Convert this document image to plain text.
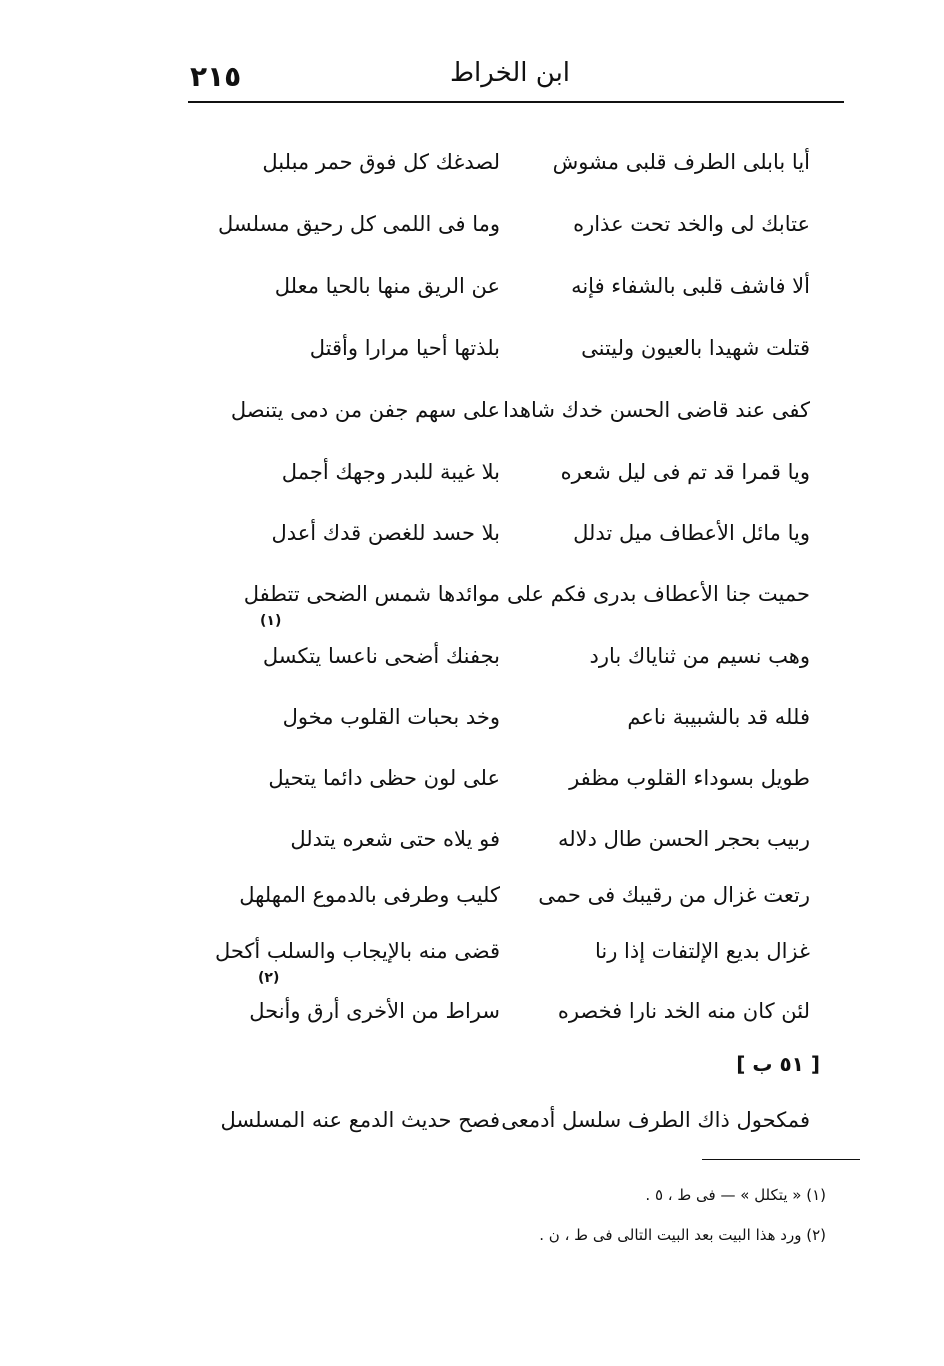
ابن الخراط
٢١٥
أيا بابلى الطرف قلبى مشوش
لصدغك كل فوق حمر مبلبل
عتابك لى والخد تحت عذاره
وما فى اللمى كل رحيق مسلسل
ألا فاشف قلبى بالشفاء فإنه
عن الريق منها بالحيا معلل
قتلت شهيدا بالعيون وليتنى
بلذتها أحيا مرارا وأقتل
كفى عند قاضى الحسن خدك شاهدا
على سهم جفن من دمى يتنصل
ويا قمرا قد تم فى ليل شعره
بلا غيبة للبدر وجهك أجمل
ويا مائل الأعطاف ميل تدلل
بلا حسد للغصن قدك أعدل
حميت جنا الأعطاف بدرى فكم على
موائدها شمس الضحى تتطفل
(١)
وهب نسيم من ثناياك بارد
بجفنك أضحى ناعسا يتكسل
فلله قد بالشبيبة ناعم
وخد بحبات القلوب مخول
طويل بسوداء القلوب مظفر
على لون حظى دائما يتحيل
ربيب بحجر الحسن طال دلاله
فو يلاه حتى شعره يتدلل
رتعت غزال من رقيبك فى حمى
كليب وطرفى بالدموع المهلهل
غزال بديع الإلتفات إذا رنا
قضى منه بالإيجاب والسلب أكحل
(٢)
لئن كان منه الخد نارا فخصره
سراط من الأخرى أرق وأنحل
[ ٥١ ب ]
فمكحول ذاك الطرف سلسل أدمعى
فصح حديث الدمع عنه المسلسل
(١) « يتكلل » — فى ط ، ٥ .
(٢) ورد هذا البيت بعد البيت التالى فى ط ، ن .
